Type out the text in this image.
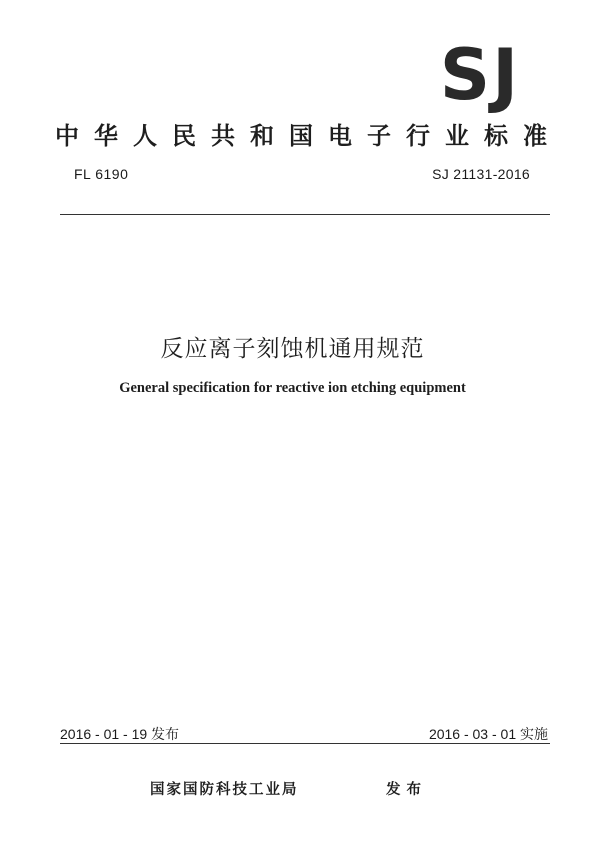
SJ
中华人民共和国电子行业标准
FL 6190	SJ 21131-2016
反应离子刻蚀机通用规范
General specification for reactive ion etching equipment
2016 - 01 - 19 发布	2016 - 03 - 01 实施
国家国防科技工业局	发布
